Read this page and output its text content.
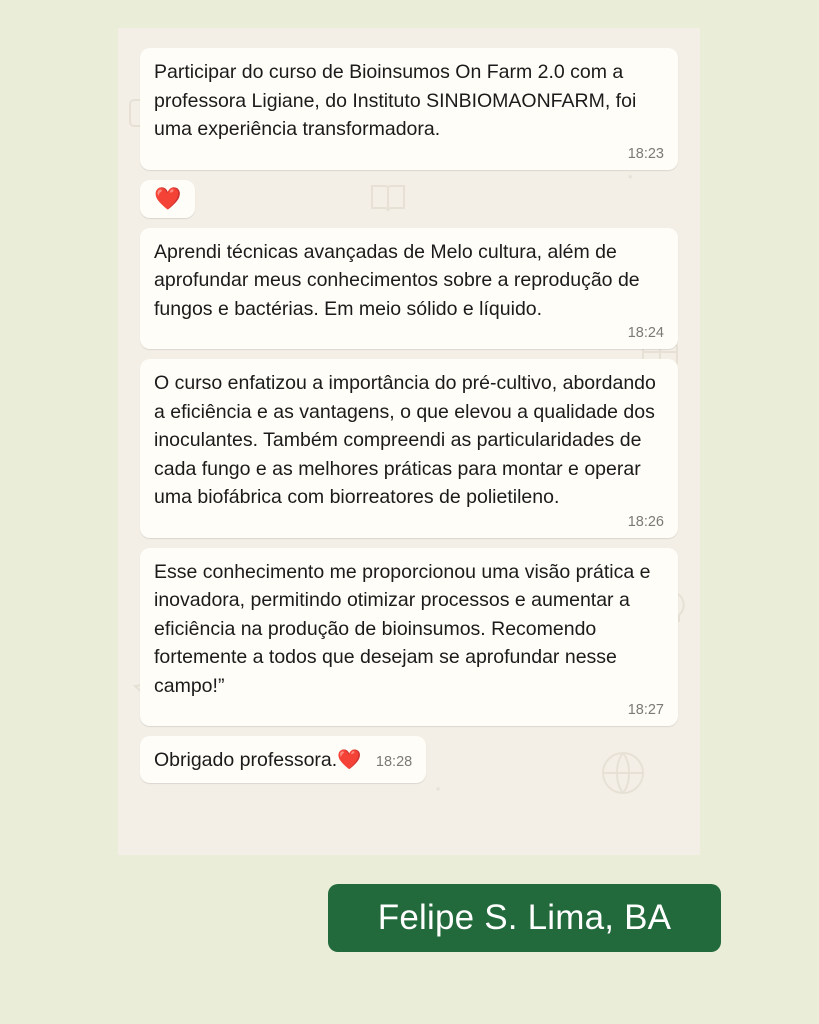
Participar do curso de Bioinsumos On Farm 2.0 com a professora Ligiane, do Instituto SINBIOMAONFARM, foi uma experiência transformadora.
18:23
❤️
Aprendi técnicas avançadas de Melo cultura, além de aprofundar meus conhecimentos sobre a reprodução de fungos e bactérias. Em meio sólido e líquido.
18:24
O curso enfatizou a importância do pré-cultivo, abordando a eficiência e as vantagens, o que elevou a qualidade dos inoculantes. Também compreendi as particularidades de cada fungo e as melhores práticas para montar e operar uma biofábrica com biorreatores de polietileno.
18:26
Esse conhecimento me proporcionou uma visão prática e inovadora, permitindo otimizar processos e aumentar a eficiência na produção de bioinsumos. Recomendo fortemente a todos que desejam se aprofundar nesse campo!”
18:27
Obrigado professora.❤️ 18:28
Felipe S. Lima, BA
